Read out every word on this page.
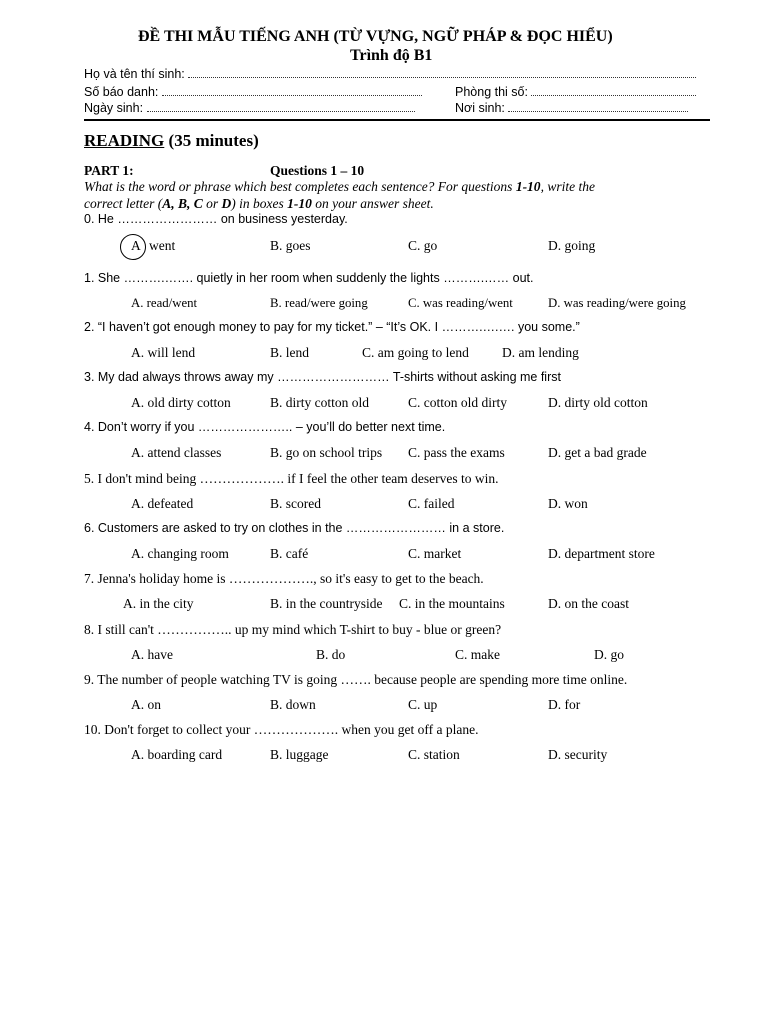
ĐỀ THI MẪU TIẾNG ANH (TỪ VỰNG, NGỮ PHÁP & ĐỌC HIỂU)
Trình độ B1
Họ và tên thí sinh:
Số báo danh:	Phòng thi số:
Ngày sinh:	Nơi sinh:
READING (35 minutes)
PART 1:	Questions 1 – 10
What is the word or phrase which best completes each sentence? For questions 1-10, write the
correct letter (A, B, C or D) in boxes 1-10 on your answer sheet.
0. He …………………… on business yesterday.
A went	B. goes	C. go	D. going
1. She ……….……. quietly in her room when suddenly the lights ……….…… out.
A. read/went	B. read/were going	C. was reading/went	D. was reading/were going
2. “I haven’t got enough money to pay for my ticket.” – “It’s OK. I ……….….…. you some.”
A. will lend	B. lend	C. am going to lend D. am lending
3. My dad always throws away my ……………………… T-shirts without asking me first
A. old dirty cotton	B. dirty cotton old	C. cotton old dirty	D. dirty old cotton
4. Don’t worry if you ………………….. – you’ll do better next time.
A. attend classes	B. go on school trips C. pass the exams	D. get a bad grade
5. I don't mind being ………………. if I feel the other team deserves to win.
A. defeated	B. scored	C. failed	D. won
6. Customers are asked to try on clothes in the …………………… in a store.
A. changing room	B. café	C. market	D. department store
7. Jenna's holiday home is ………………., so it's easy to get to the beach.
A. in the city	B. in the countryside C. in the mountains	D. on the coast
8. I still can't …………….. up my mind which T-shirt to buy - blue or green?
A. have	B. do	C. make	D. go
9. The number of people watching TV is going ……. because people are spending more time online.
A. on	B. down	C. up	D. for
10. Don't forget to collect your ………………. when you get off a plane.
A. boarding card	B. luggage	C. station	D. security
